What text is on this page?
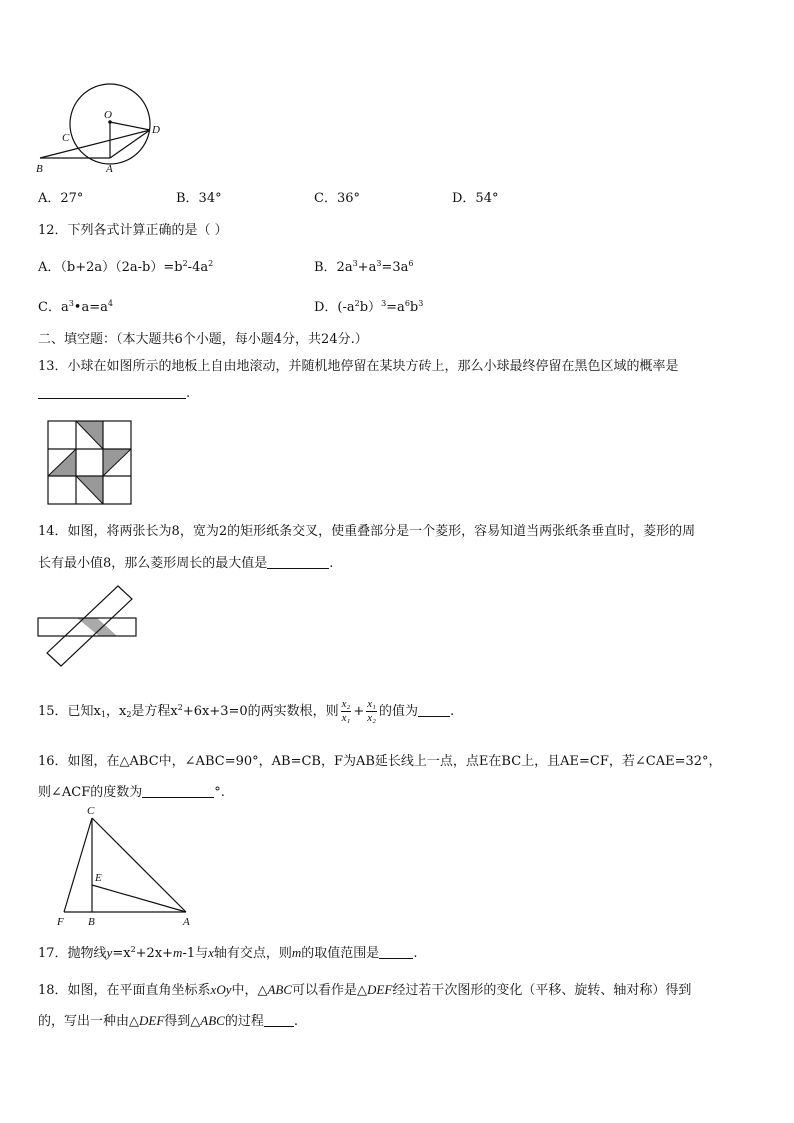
O
C
D
B	A
A．27°	B．34°	C．36°	D．54°
12．下列各式计算正确的是（ ）
A．$(b+2a)(2a-b)=b^2-4a^2$	B．$2a^3+a^3=3a^6$
C．$a^3•a=a^4$	D．$(-a^2b)^3=a^6b^3$
二、填空题：（本大题共6个小题，每小题4分，共24分.）
13．小球在如图所示的地板上自由地滚动，并随机地停留在某块方砖上，那么小球最终停留在黑色区域的概率是
.
14．如图，将两张长为8，宽为2的矩形纸条交叉，使重叠部分是一个菱形，容易知道当两张纸条垂直时，菱形的周
长有最小值8，那么菱形周长的最大值是	.
15．已知$x_1$，$x_2$是方程$x^2+6x+3=0$的两实数根，则 $\frac{\text{x₂}}{\text{x₁}} + \frac{\text{x₁}}{\text{x₂}}$ 的值为 .
16．如图，在△ABC中，∠ABC=90°，AB=CB，F为AB延长线上一点，点E在BC上，且AE=CF，若∠CAE=32°，
则∠ACF的度数为	°.
C
E
F B	A
17．抛物线$y=x^2+2x+m-1$与x轴有交点，则m的取值范围是	.
18．如图，在平面直角坐标系xOy中，△ABC可以看作是△DEF经过若干次图形的变化（平移、旋转、轴对称）得到
的，写出一种由△DEF得到△ABC的过程 .
